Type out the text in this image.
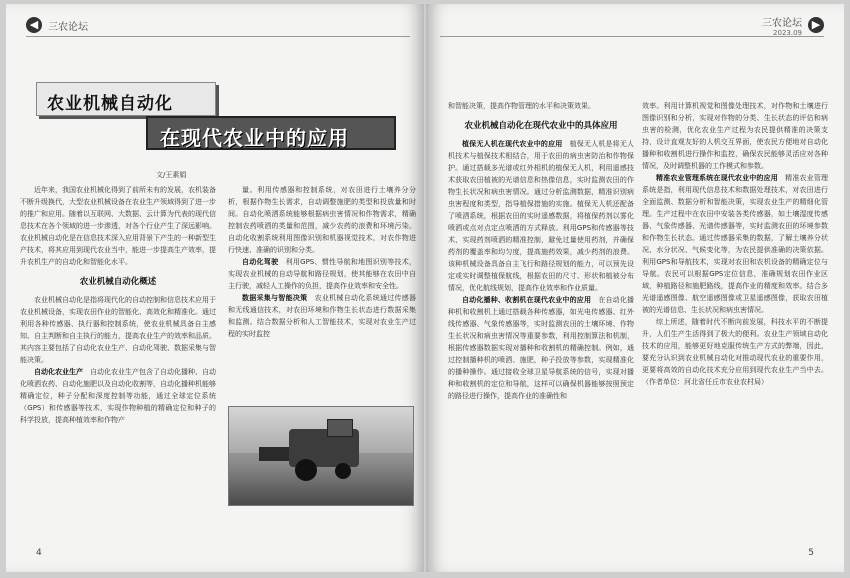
◀ 三农论坛
农业机械自动化
在现代农业中的应用
文/王素娟

近年来，我国农业机械化得到了前所未有的发展，农机装备不断升级换代，大型农业机械设备在农业生产领域得到了进一步的推广和应用。随着以互联网、大数据、云计算为代表的现代信息技术在各个领域的进一步渗透，对各个行业产生了深远影响。农业机械自动化是在信息技术深入应用背景下产生的一种新型生产技术，将其应用到现代农业当中，能进一步提高生产效率，提升农机生产的自动化和智能化水平。

农业机械自动化概述

农业机械自动化是指将现代化的自动控制和信息技术应用于农业机械设备，实现农田作业的智能化、高效化和精准化。通过利用各种传感器、执行器和控制系统，使农业机械具备自主感知、自主判断和自主执行的能力，提高农业生产的效率和品质。其内容主要包括了自动化农业生产、自动化驾驶、数据采集与智能决策。

自动化农业生产　 自动化农业生产包含了自动化播种、自动化喷洒农药、自动化施肥以及自动化收割等，自动化播种机能够精确定位，种子分配和深度控制等功能，通过全球定位系统（GPS）和传感器等技术，实现作物种植的精确定位和种子的科学投放，提高种植效率和作物产

量。利用传感器和控制系统，对农田进行土壤养分分析，根据作物生长需求，自动调整施肥的类型和投放量和时间。自动化喷洒系统能够根据病虫害情况和作物需求，精确控制农药喷洒的类量和范围，减少农药的浪费和环境污染。自动化收割系统利用图像识别和机器视觉技术，对农作物进行快速、准确的识别和分类。

自动化驾驶　 利用GPS、惯性导航和地图识别等技术，实现农业机械的自动导航和路径规划，使其能够在农田中自主行驶，减轻人工操作的负担，提高作业效率和安全性。

数据采集与智能决策　 农业机械自动化系统通过传感器和无线通信技术，对农田环境和作物生长状态进行数据采集和监测。结合数据分析和人工智能技术，实现对农业生产过程的实时监控

4
三农论坛
2023.09
▶

和智能决策，提高作物管理的水平和决策效果。

农业机械自动化在现代农业中的具体应用

植保无人机在现代农业中的应用　 植保无人机是将无人机技术与植保技术相结合，用于农田的病虫害防治和作物保护。通过搭载多光谱或红外相机的植保无人机，利用遥感技术获取农田植被的光谱信息和热像信息，实时监测农田的作物生长状况和病虫害情况。通过分析监测数据，精准识别病虫害程度和类型，指导植保措施的实施。植保无人机还配备了喷洒系统，根据农田的实时遥感数据，将植保药剂以雾化喷洒或点对点定点喷洒的方式释放。利用GPS和传感器等技术，实现药剂喷洒的精准控制，避免过量使用药剂，并确保药剂的覆盖率和均匀度，提高施药效果，减少药剂的浪费。该种机械设备具备自主飞行和路径规划的能力，可以预先设定或实时调整植保航线，根据农田的尺寸、形状和植被分布情况，优化航线规划，提高作业效率和作业质量。

自动化播种、收割机在现代农业中的应用　 在自动化播种机和收割机上通过搭载各种传感器，如光电传感器、红外线传感器、气象传感器等，实时监测农田的土壤环境、作物生长状况和病虫害情况等重要参数，利用控制算法和机制，根据传感器数据实现对播种和收割机的精确控制。例如，通过控制播种机的喷洒、施肥，种子投放等参数，实现精准化的播种操作。通过接收全球卫星导航系统的信号，实现对播种和收割机的定位和导航，这样可以确保机器能够按照预定的路径进行操作，提高作业的准确性和

效率。利用计算机视觉和图像处理技术，对作物和土壤进行图像识别和分析，实现对作物的分类、生长状态的评估和病虫害的检测，优化农业生产过程为农民提供精准的决策支持，设计直观友好的人机交互界面，使农民方便地对自动化播种和收割机进行操作和监控，确保农民能够灵活应对各种情况，及时调整机器的工作模式和参数。

精准农业管理系统在现代农业中的应用　 精准农业管理系统是指，利用现代信息技术和数据处理技术，对农田进行全面监测、数据分析和智能决策，实现农业生产的精细化管理。生产过程中在农田中安装各类传感器，如土壤湿度传感器、气象传感器、光谱传感器等，实时监测农田的环境参数和作物生长状态。通过传感器采集的数据，了解土壤养分状况、水分状况、气候变化等，为农民提供准确的决策依据。利用GPS和导航技术，实现对农田和农机设备的精确定位与导航。农民可以根据GPS定位信息，准确规划农田作业区域，种植路径和施肥路线，提高作业的精度和效率。结合多光谱遥感图像、航空遥感图像或卫星遥感图像，获取农田植被的光谱信息、生长状况和病虫害情况。

综上所述，随着时代不断向前发展，科技水平的不断提升，人们生产生活得到了极大的便利。农业生产领域自动化技术的应用，能够更好地克服传统生产方式的弊端，因此，要充分认识到农业机械自动化对推动现代农业的重要作用，更要将高效的自动化技术充分应用到现代农业生产当中去。（作者单位：河北省任丘市农业农村局）

5
